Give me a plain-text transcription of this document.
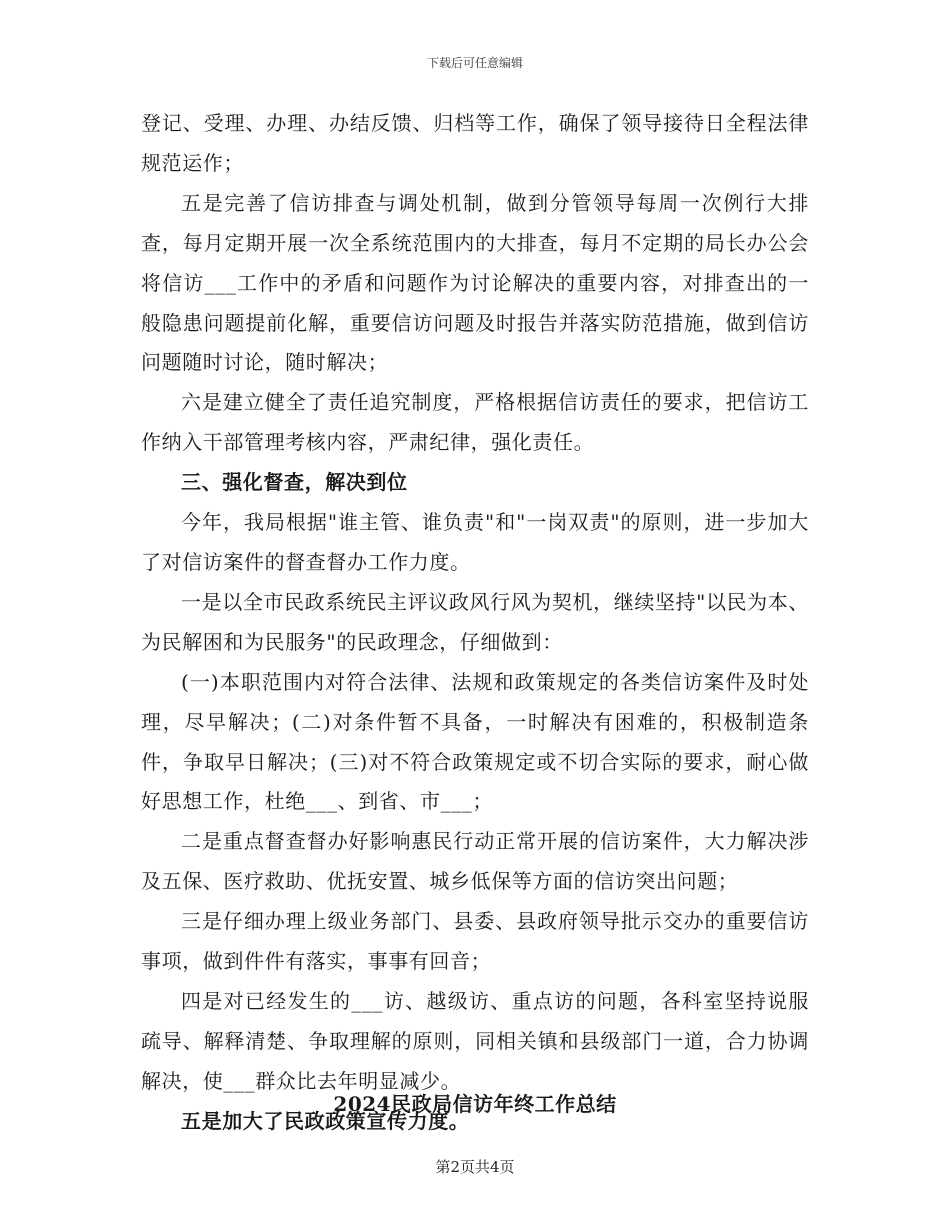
下载后可任意编辑

登记、受理、办理、办结反馈、归档等工作，确保了领导接待日全程法律规范运作；

五是完善了信访排查与调处机制，做到分管领导每周一次例行大排查，每月定期开展一次全系统范围内的大排查，每月不定期的局长办公会将信访___工作中的矛盾和问题作为讨论解决的重要内容，对排查出的一般隐患问题提前化解，重要信访问题及时报告并落实防范措施，做到信访问题随时讨论，随时解决；

六是建立健全了责任追究制度，严格根据信访责任的要求，把信访工作纳入干部管理考核内容，严肃纪律，强化责任。

三、强化督查，解决到位

今年，我局根据"谁主管、谁负责"和"一岗双责"的原则，进一步加大了对信访案件的督查督办工作力度。

一是以全市民政系统民主评议政风行风为契机，继续坚持"以民为本、为民解困和为民服务"的民政理念，仔细做到：

(一)本职范围内对符合法律、法规和政策规定的各类信访案件及时处理，尽早解决；(二)对条件暂不具备，一时解决有困难的，积极制造条件，争取早日解决；(三)对不符合政策规定或不切合实际的要求，耐心做好思想工作，杜绝___、到省、市___；

二是重点督查督办好影响惠民行动正常开展的信访案件，大力解决涉及五保、医疗救助、优抚安置、城乡低保等方面的信访突出问题；

三是仔细办理上级业务部门、县委、县政府领导批示交办的重要信访事项，做到件件有落实，事事有回音；

四是对已经发生的___访、越级访、重点访的问题，各科室坚持说服疏导、解释清楚、争取理解的原则，同相关镇和县级部门一道，合力协调解决，使___群众比去年明显减少。

五是加大了民政政策宣传力度。

2024民政局信访年终工作总结
第2页共4页
